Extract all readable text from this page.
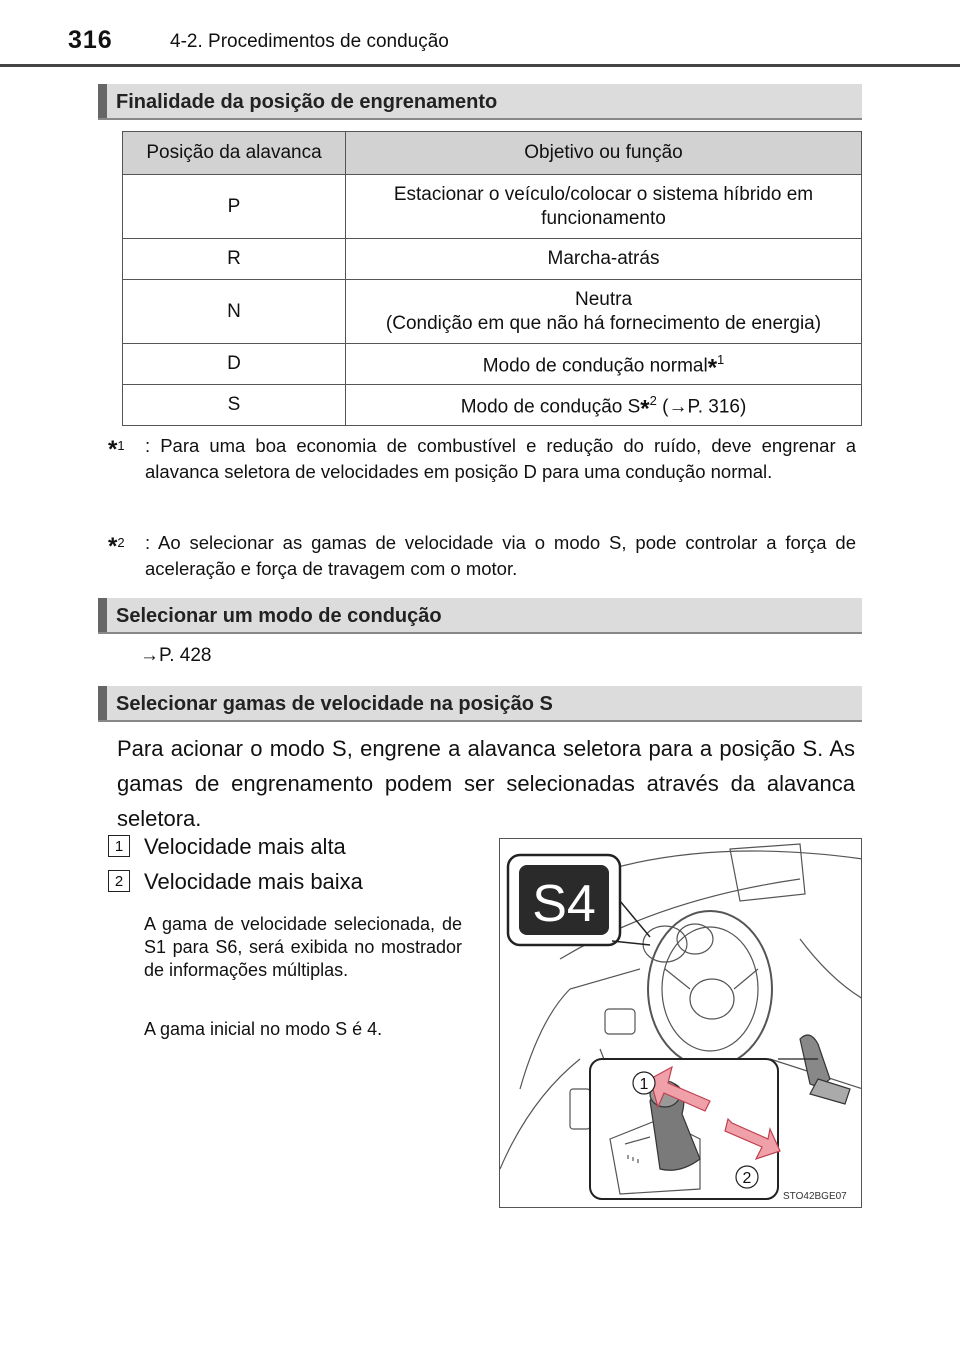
316	4-2. Procedimentos de condução
Finalidade da posição de engrenamento
Posição da alavanca	Objetivo ou função
P	Estacionar o veículo/colocar o sistema híbrido em funcionamento
R	Marcha-atrás
N	Neutra
(Condição em que não há fornecimento de energia)
D	Modo de condução normal*$^1$
S	Modo de condução S*$^2$ (→P. 316)
*$^1$ : Para uma boa economia de combustível e redução do ruído, deve engrenar a alavanca seletora de velocidades em posição D para uma condução normal.
*$^2$ : Ao selecionar as gamas de velocidade via o modo S, pode controlar a força de aceleração e força de travagem com o motor.
Selecionar um modo de condução
→P. 428
Selecionar gamas de velocidade na posição S
Para acionar o modo S, engrene a alavanca seletora para a posição S. As gamas de engrenamento podem ser selecionadas através da alavanca seletora.
1 Velocidade mais alta
2 Velocidade mais baixa
A gama de velocidade selecionada, de S1 para S6, será exibida no mostrador de informações múltiplas.
A gama inicial no modo S é 4.
S4
1
2
STO42BGE07
